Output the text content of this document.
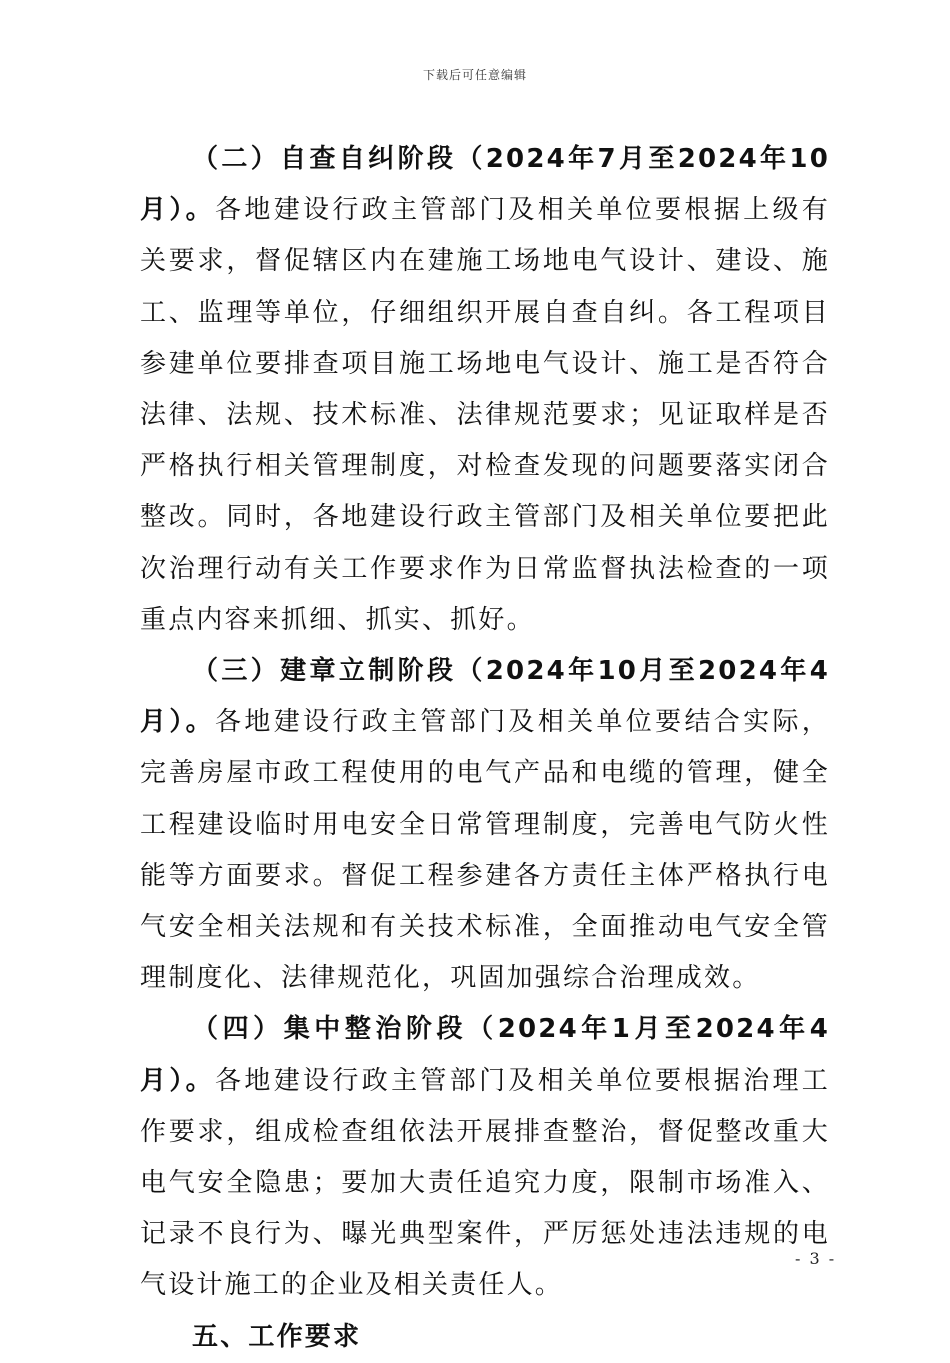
下载后可任意编辑

（二）自查自纠阶段（2024年7月至2024年10月）。各地建设行政主管部门及相关单位要根据上级有关要求，督促辖区内在建施工场地电气设计、建设、施工、监理等单位，仔细组织开展自查自纠。各工程项目参建单位要排查项目施工场地电气设计、施工是否符合法律、法规、技术标准、法律规范要求；见证取样是否严格执行相关管理制度，对检查发现的问题要落实闭合整改。同时，各地建设行政主管部门及相关单位要把此次治理行动有关工作要求作为日常监督执法检查的一项重点内容来抓细、抓实、抓好。

（三）建章立制阶段（2024年10月至2024年4月）。各地建设行政主管部门及相关单位要结合实际，完善房屋市政工程使用的电气产品和电缆的管理，健全工程建设临时用电安全日常管理制度，完善电气防火性能等方面要求。督促工程参建各方责任主体严格执行电气安全相关法规和有关技术标准，全面推动电气安全管理制度化、法律规范化，巩固加强综合治理成效。

（四）集中整治阶段（2024年1月至2024年4月）。各地建设行政主管部门及相关单位要根据治理工作要求，组成检查组依法开展排查整治，督促整改重大电气安全隐患；要加大责任追究力度，限制市场准入、记录不良行为、曝光典型案件，严厉惩处违法违规的电气设计施工的企业及相关责任人。

五、工作要求

- 3 -
